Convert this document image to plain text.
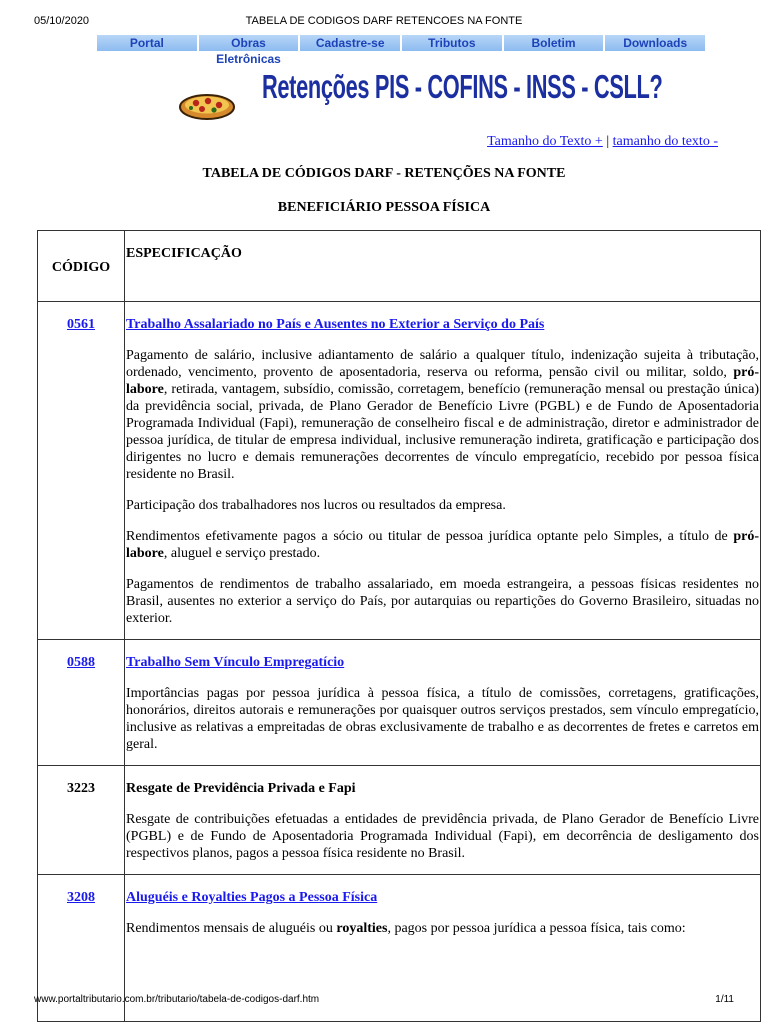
05/10/2020	TABELA DE CODIGOS DARF RETENCOES NA FONTE
Portal	Obras Eletrônicas
Cadastre-se	Tributos	Boletim	Downloads
Retenções PIS - COFINS - INSS - CSLL?
Tamanho do Texto + | tamanho do texto -
TABELA DE CÓDIGOS DARF - RETENÇÕES NA FONTE
BENEFICIÁRIO PESSOA FÍSICA
CÓDIGO	ESPECIFICAÇÃO
0561	Trabalho Assalariado no País e Ausentes no Exterior a Serviço do País

Pagamento de salário, inclusive adiantamento de salário a qualquer título, indenização sujeita à tributação, ordenado, vencimento, provento de aposentadoria, reserva ou reforma, pensão civil ou militar, soldo, pró-labore, retirada, vantagem, subsídio, comissão, corretagem, benefício (remuneração mensal ou prestação única) da previdência social, privada, de Plano Gerador de Benefício Livre (PGBL) e de Fundo de Aposentadoria Programada Individual (Fapi), remuneração de conselheiro fiscal e de administração, diretor e administrador de pessoa jurídica, de titular de empresa individual, inclusive remuneração indireta, gratificação e participação dos dirigentes no lucro e demais remunerações decorrentes de vínculo empregatício, recebido por pessoa física residente no Brasil.

Participação dos trabalhadores nos lucros ou resultados da empresa.

Rendimentos efetivamente pagos a sócio ou titular de pessoa jurídica optante pelo Simples, a título de pró-labore, aluguel e serviço prestado.

Pagamentos de rendimentos de trabalho assalariado, em moeda estrangeira, a pessoas físicas residentes no Brasil, ausentes no exterior a serviço do País, por autarquias ou repartições do Governo Brasileiro, situadas no exterior.

0588	Trabalho Sem Vínculo Empregatício

Importâncias pagas por pessoa jurídica à pessoa física, a título de comissões, corretagens, gratificações, honorários, direitos autorais e remunerações por quaisquer outros serviços prestados, sem vínculo empregatício, inclusive as relativas a empreitadas de obras exclusivamente de trabalho e as decorrentes de fretes e carretos em geral.

3223	Resgate de Previdência Privada e Fapi

Resgate de contribuições efetuadas a entidades de previdência privada, de Plano Gerador de Benefício Livre (PGBL) e de Fundo de Aposentadoria Programada Individual (Fapi), em decorrência de desligamento dos respectivos planos, pagos a pessoa física residente no Brasil.

3208	Aluguéis e Royalties Pagos a Pessoa Física

Rendimentos mensais de aluguéis ou royalties, pagos por pessoa jurídica a pessoa física, tais como:

www.portaltributario.com.br/tributario/tabela-de-codigos-darf.htm	1/11
